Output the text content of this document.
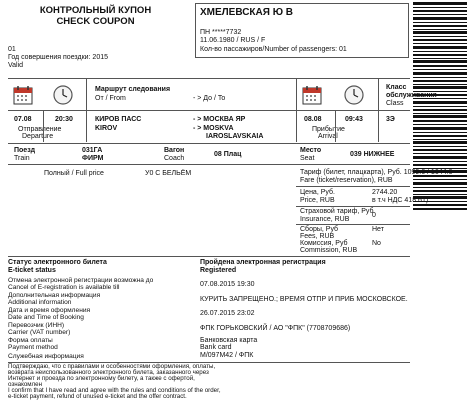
КОНТРОЛЬНЫЙ КУПОН
CHECK COUPON
ХМЕЛЕВСКАЯ Ю В
ПН *****7732
11.06.1980 / RUS / F
Кол-во пассажиров/Number of passengers: 01
01
Год совершения поездки: 2015
Valid
Маршрут следования
От / From	- > До / To
Класс
обслуживания
Class
07.08	20:30
Отправление
Departure
КИРОВ ПАСС
KIROV
- > МОСКВА ЯР
- > MOSKVA
IAROSLAVSKAIA
08.08	09:43
Прибытие
Arrival
3Э
Поезд
Train
031ГА
ФИРМ
Вагон
Coach
08 Плац
Место
Seat
039 НИЖНЕЕ
Полный / Full price	У0 С БЕЛЬЁМ	Тариф (билет, плацкарта), Руб. 1099.6 / 1644.6
Fare (ticket/reservation), RUB
Цена, Руб.
Price, RUB
2744.20
в т.ч НДС 418.61)
Страховой тариф, Руб
Insurance, RUB
0
Сборы, Руб
Fees, RUB
Нет
Комиссия, Руб
Commission, RUB
No
Статус электронного билета
E-ticket status
Пройдена электронная регистрация
Registered
Отмена электронной регистрации возможна до
Cancel of E-registration is available till	07.08.2015 19:30
Дополнительная информация
Additional information	КУРИТЬ ЗАПРЕЩЕНО.; ВРЕМЯ ОТПР И ПРИБ МОСКОВСКОЕ.
Дата и время оформления
Date and Time of Booking
26.07.2015 23:02
Перевозчик (ИНН)
Carrier (VAT number)
ФПК ГОРЬКОВСКИЙ / АО "ФПК" (7708709686)
Форма оплаты
Payment method
Банковская карта
Bank card
Служебная информация	М/097М42 / ФПК
Подтверждаю, что с правилами и особенностями оформления, оплаты,
возврата неиспользованного электронного билета, заказанного через
Интернет и проезда по электронному билету, а также с офертой,
ознакомлен
I confirm that I have read and agree with the rules and conditions of the order,
e-ticket payment, refund of unused e-ticket and the offer contract.
